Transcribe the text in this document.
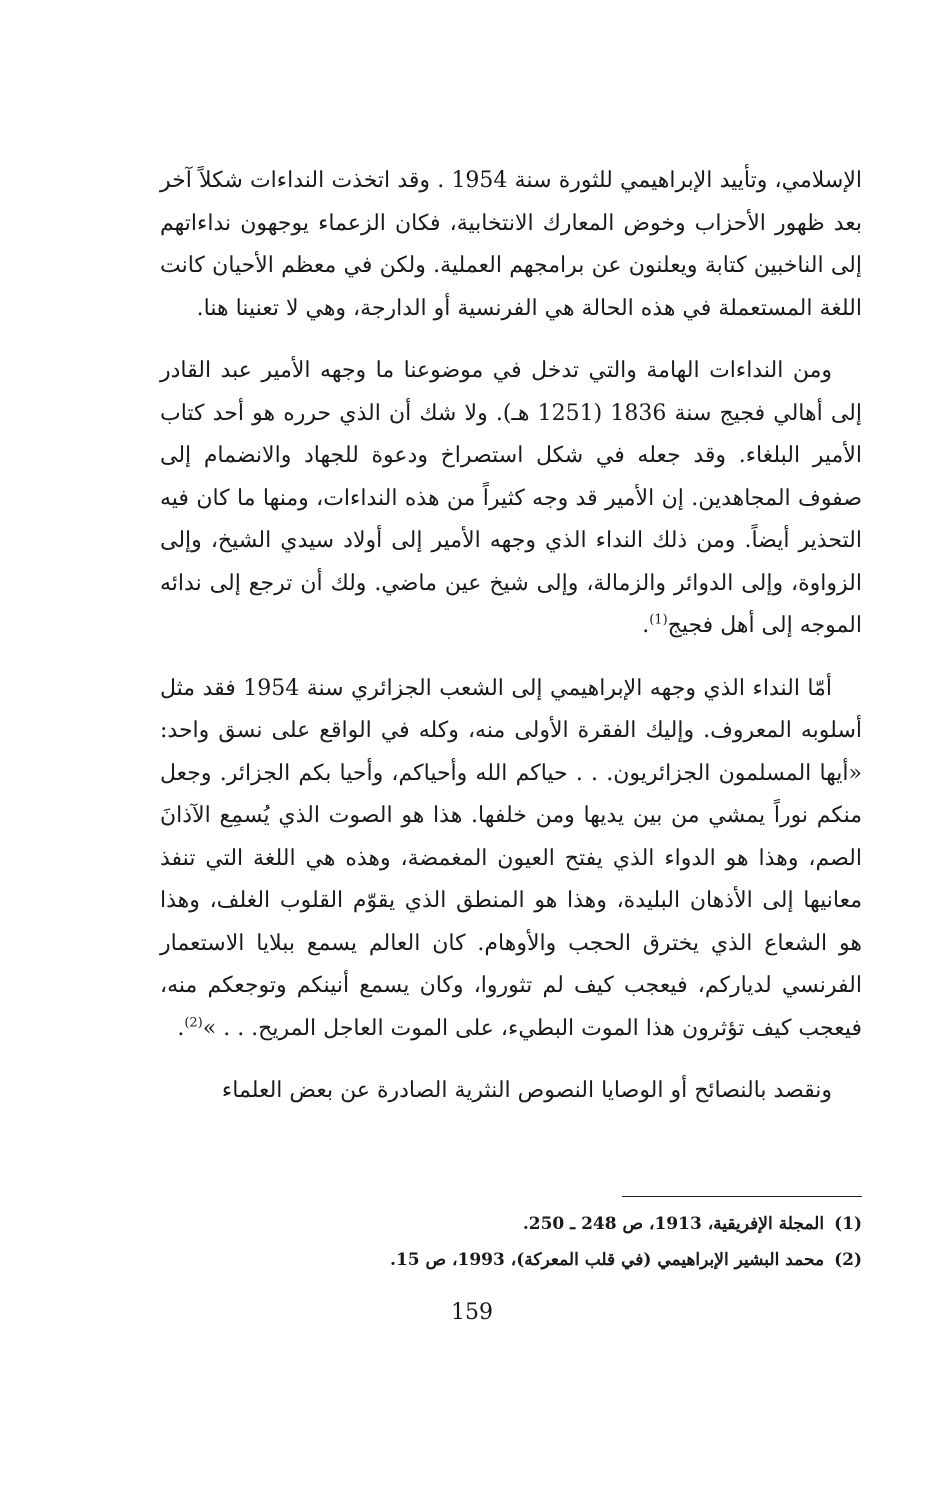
الإسلامي، وتأييد الإبراهيمي للثورة سنة 1954 . وقد اتخذت النداءات شكلاً آخر بعد ظهور الأحزاب وخوض المعارك الانتخابية، فكان الزعماء يوجهون نداءاتهم إلى الناخبين كتابة ويعلنون عن برامجهم العملية. ولكن في معظم الأحيان كانت اللغة المستعملة في هذه الحالة هي الفرنسية أو الدارجة، وهي لا تعنينا هنا.

ومن النداءات الهامة والتي تدخل في موضوعنا ما وجهه الأمير عبد القادر إلى أهالي فجيج سنة 1836 (1251 هـ). ولا شك أن الذي حرره هو أحد كتاب الأمير البلغاء. وقد جعله في شكل استصراخ ودعوة للجهاد والانضمام إلى صفوف المجاهدين. إن الأمير قد وجه كثيراً من هذه النداءات، ومنها ما كان فيه التحذير أيضاً. ومن ذلك النداء الذي وجهه الأمير إلى أولاد سيدي الشيخ، وإلى الزواوة، وإلى الدوائر والزمالة، وإلى شيخ عين ماضي. ولك أن ترجع إلى ندائه الموجه إلى أهل فجيج$^{(1)}$.

أمّا النداء الذي وجهه الإبراهيمي إلى الشعب الجزائري سنة 1954 فقد مثل أسلوبه المعروف. وإليك الفقرة الأولى منه، وكله في الواقع على نسق واحد: «أيها المسلمون الجزائريون. . . حياكم الله وأحياكم، وأحيا بكم الجزائر. وجعل منكم نوراً يمشي من بين يديها ومن خلفها. هذا هو الصوت الذي يُسمِع الآذانَ الصم، وهذا هو الدواء الذي يفتح العيون المغمضة، وهذه هي اللغة التي تنفذ معانيها إلى الأذهان البليدة، وهذا هو المنطق الذي يقوّم القلوب الغلف، وهذا هو الشعاع الذي يخترق الحجب والأوهام. كان العالم يسمع ببلايا الاستعمار الفرنسي لدياركم، فيعجب كيف لم تثوروا، وكان يسمع أنينكم وتوجعكم منه، فيعجب كيف تؤثرون هذا الموت البطيء، على الموت العاجل المريح. . . »$^{(2)}$.

ونقصد بالنصائح أو الوصايا النصوص النثرية الصادرة عن بعض العلماء

(1)المجلة الإفريقية، 1913، ص 248 ـ 250.

(2)محمد البشير الإبراهيمي (في قلب المعركة)، 1993، ص 15.

159
